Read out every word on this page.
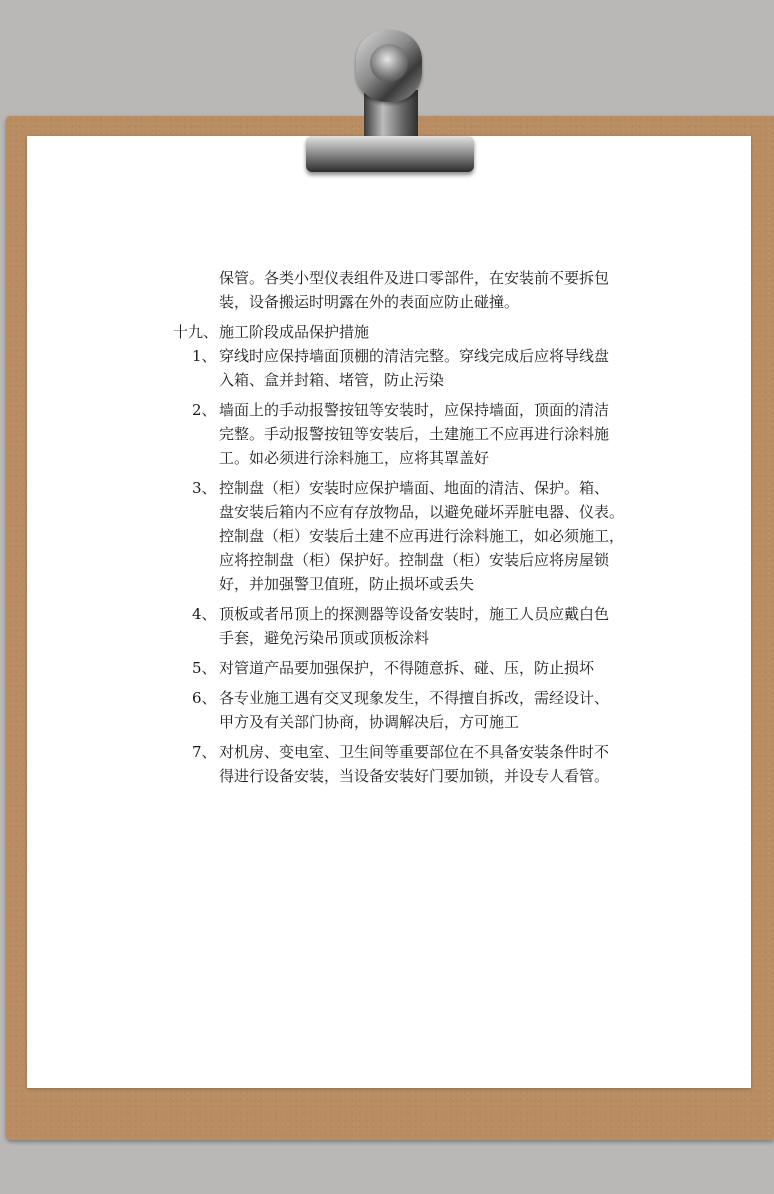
保管。各类小型仪表组件及进口零部件，在安装前不要拆包
装，设备搬运时明露在外的表面应防止碰撞。
十九、 施工阶段成品保护措施
1、 穿线时应保持墙面顶棚的清洁完整。穿线完成后应将导线盘
入箱、盒并封箱、堵管，防止污染
2、 墙面上的手动报警按钮等安装时，应保持墙面，顶面的清洁
完整。手动报警按钮等安装后，土建施工不应再进行涂料施
工。如必须进行涂料施工，应将其罩盖好
3、 控制盘（柜）安装时应保护墙面、地面的清洁、保护。箱、
盘安装后箱内不应有存放物品，以避免碰坏弄脏电器、仪表。
控制盘（柜）安装后土建不应再进行涂料施工，如必须施工，
应将控制盘（柜）保护好。控制盘（柜）安装后应将房屋锁
好，并加强警卫值班，防止损坏或丢失
4、 顶板或者吊顶上的探测器等设备安装时，施工人员应戴白色
手套，避免污染吊顶或顶板涂料
5、 对管道产品要加强保护，不得随意拆、碰、压，防止损坏
6、 各专业施工遇有交叉现象发生，不得擅自拆改，需经设计、
甲方及有关部门协商，协调解决后，方可施工
7、 对机房、变电室、卫生间等重要部位在不具备安装条件时不
得进行设备安装，当设备安装好门要加锁，并设专人看管。
